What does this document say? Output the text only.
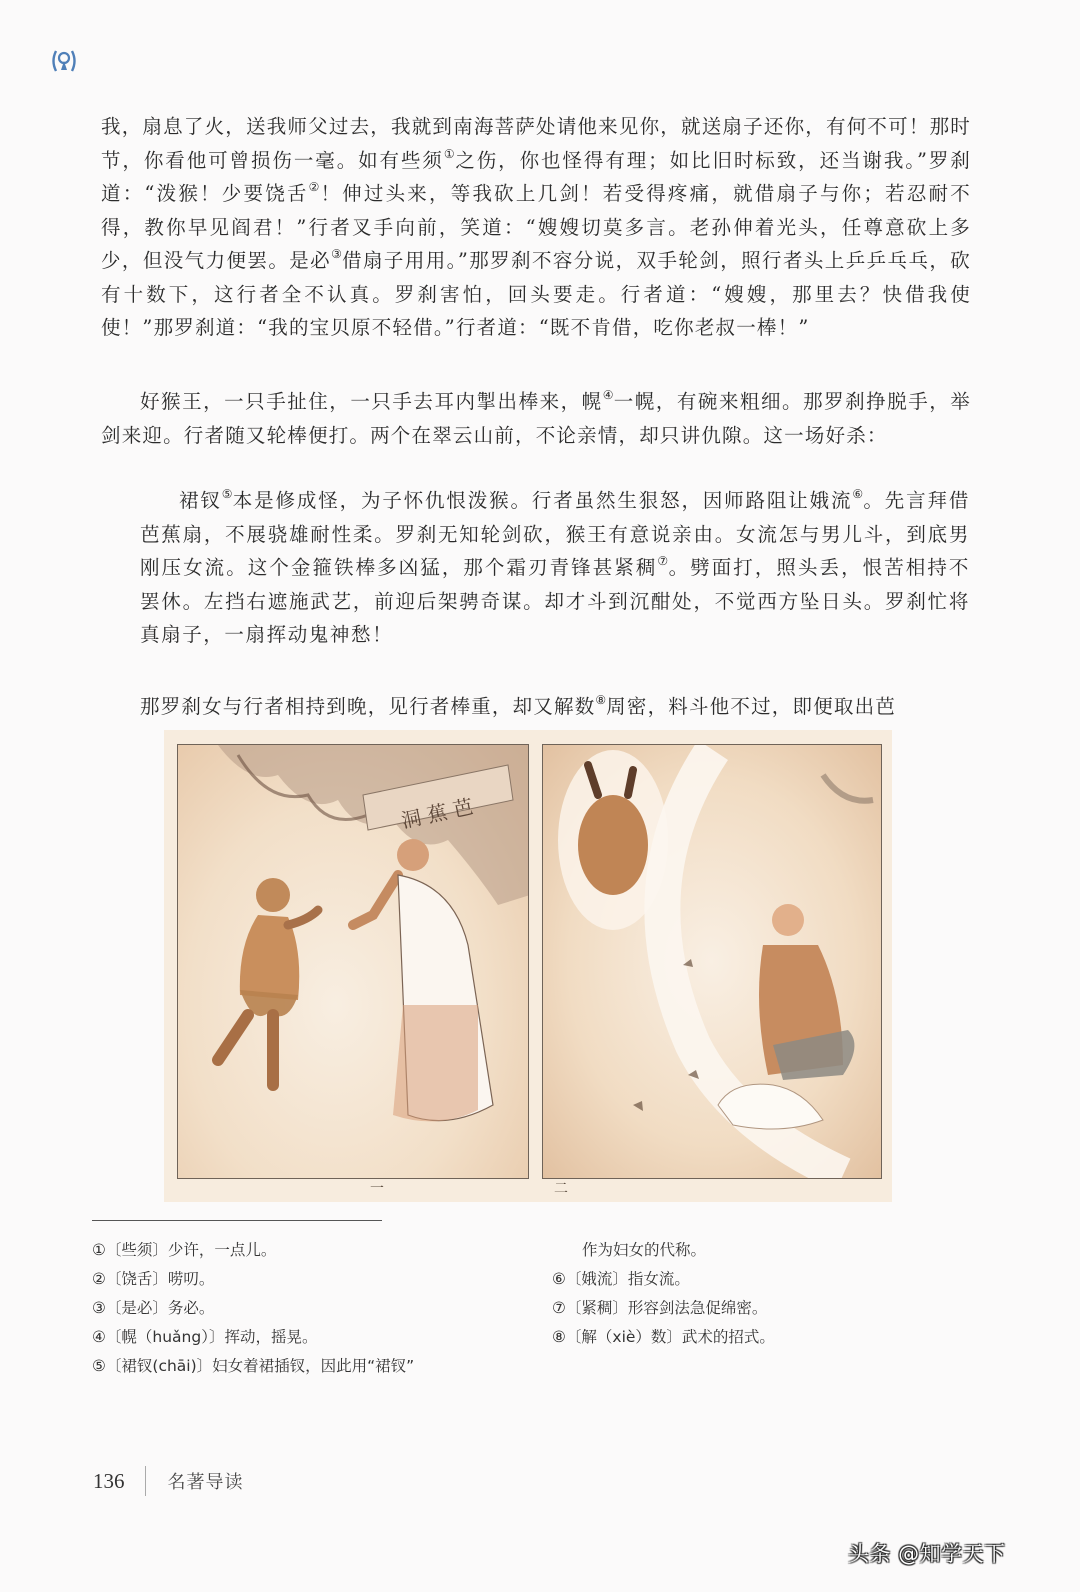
我，扇息了火，送我师父过去，我就到南海菩萨处请他来见你，就送扇子还你，有何不可！那时节，你看他可曾损伤一毫。如有些须①之伤，你也怪得有理；如比旧时标致，还当谢我。”罗刹道：“泼猴！少要饶舌②！伸过头来，等我砍上几剑！若受得疼痛，就借扇子与你；若忍耐不得，教你早见阎君！”行者叉手向前，笑道：“嫂嫂切莫多言。老孙伸着光头，任尊意砍上多少，但没气力便罢。是必③借扇子用用。”那罗刹不容分说，双手轮剑，照行者头上乒乒乓乓，砍有十数下，这行者全不认真。罗刹害怕，回头要走。行者道：“嫂嫂，那里去？快借我使使！”那罗刹道：“我的宝贝原不轻借。”行者道：“既不肯借，吃你老叔一棒！”

好猴王，一只手扯住，一只手去耳内掣出棒来，幌④一幌，有碗来粗细。那罗刹挣脱手，举剑来迎。行者随又轮棒便打。两个在翠云山前，不论亲情，却只讲仇隙。这一场好杀：

裙钗⑤本是修成怪，为子怀仇恨泼猴。行者虽然生狠怒，因师路阻让娥流⑥。先言拜借芭蕉扇，不展骁雄耐性柔。罗刹无知轮剑砍，猴王有意说亲由。女流怎与男儿斗，到底男刚压女流。这个金箍铁棒多凶猛，那个霜刃青锋甚紧稠⑦。劈面打，照头丢，恨苦相持不罢休。左挡右遮施武艺，前迎后架骋奇谋。却才斗到沉酣处，不觉西方坠日头。罗刹忙将真扇子，一扇挥动鬼神愁！

那罗刹女与行者相持到晚，见行者棒重，却又解数⑧周密，料斗他不过，即便取出芭

洞 蕉 芭
一	二
①〔些须〕少许，一点儿。
②〔饶舌〕唠叨。
③〔是必〕务必。
④〔幌（huǎng）〕挥动，摇晃。
⑤〔裙钗(chāi)〕妇女着裙插钗，因此用“裙钗”
作为妇女的代称。
⑥〔娥流〕指女流。
⑦〔紧稠〕形容剑法急促绵密。
⑧〔解（xiè）数〕武术的招式。
136 名著导读
头条 @知学天下
